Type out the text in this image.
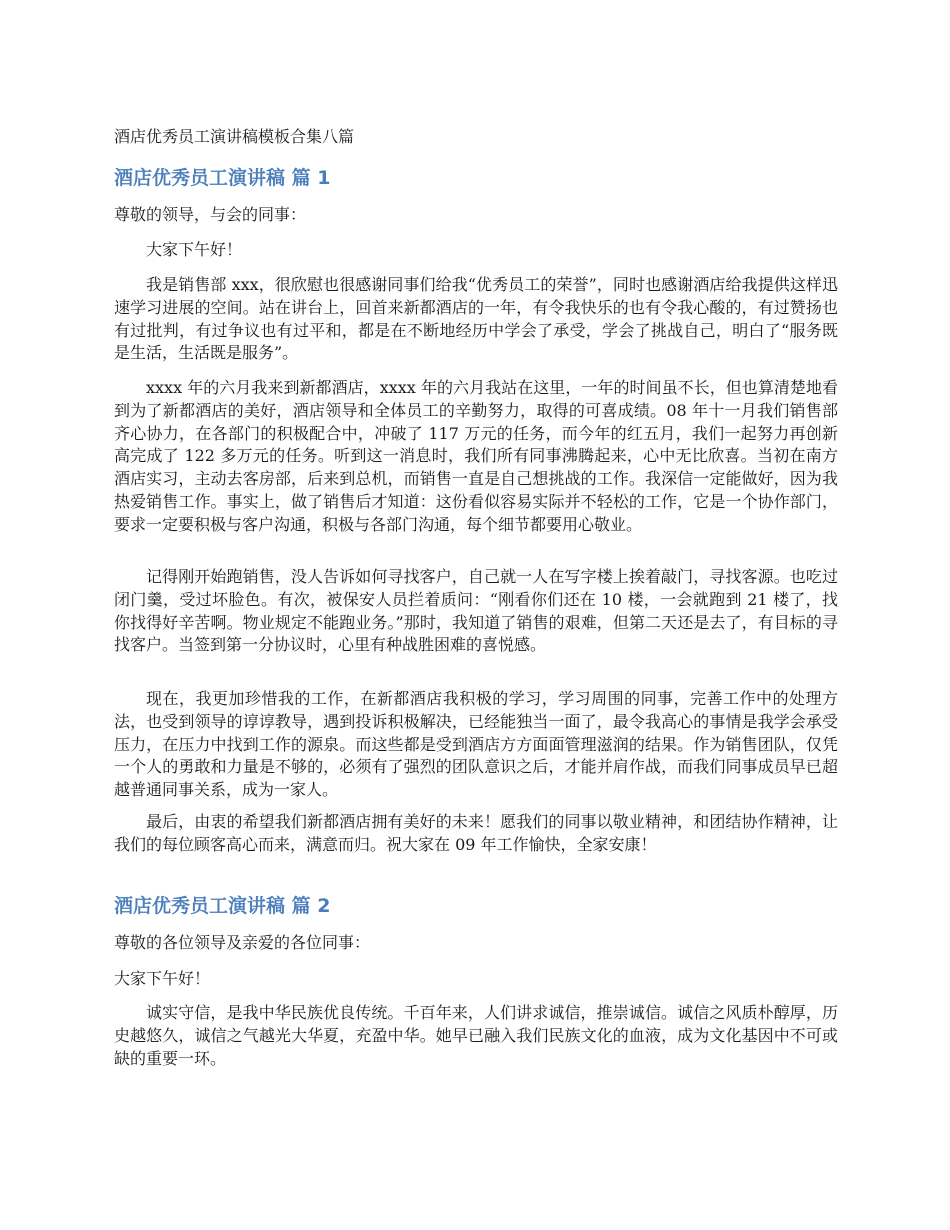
酒店优秀员工演讲稿模板合集八篇
酒店优秀员工演讲稿 篇 1

尊敬的领导，与会的同事：

大家下午好！

我是销售部 xxx，很欣慰也很感谢同事们给我“优秀员工的荣誉”，同时也感谢酒店给我提供这样迅速学习进展的空间。站在讲台上，回首来新都酒店的一年，有令我快乐的也有令我心酸的，有过赞扬也有过批判，有过争议也有过平和，都是在不断地经历中学会了承受，学会了挑战自己，明白了“服务既是生活，生活既是服务”。

xxxx 年的六月我来到新都酒店，xxxx 年的六月我站在这里，一年的时间虽不长，但也算清楚地看到为了新都酒店的美好，酒店领导和全体员工的辛勤努力，取得的可喜成绩。08 年十一月我们销售部齐心协力，在各部门的积极配合中，冲破了 117 万元的任务，而今年的红五月，我们一起努力再创新高完成了 122 多万元的任务。听到这一消息时，我们所有同事沸腾起来，心中无比欣喜。当初在南方酒店实习，主动去客房部，后来到总机，而销售一直是自己想挑战的工作。我深信一定能做好，因为我热爱销售工作。事实上，做了销售后才知道：这份看似容易实际并不轻松的工作，它是一个协作部门，要求一定要积极与客户沟通，积极与各部门沟通，每个细节都要用心敬业。

记得刚开始跑销售，没人告诉如何寻找客户，自己就一人在写字楼上挨着敲门，寻找客源。也吃过闭门羹，受过坏脸色。有次，被保安人员拦着质问：“刚看你们还在 10 楼，一会就跑到 21 楼了，找你找得好辛苦啊。物业规定不能跑业务。”那时，我知道了销售的艰难，但第二天还是去了，有目标的寻找客户。当签到第一分协议时，心里有种战胜困难的喜悦感。

现在，我更加珍惜我的工作，在新都酒店我积极的学习，学习周围的同事，完善工作中的处理方法，也受到领导的谆谆教导，遇到投诉积极解决，已经能独当一面了，最令我高心的事情是我学会承受压力，在压力中找到工作的源泉。而这些都是受到酒店方方面面管理滋润的结果。作为销售团队，仅凭一个人的勇敢和力量是不够的，必须有了强烈的团队意识之后，才能并肩作战，而我们同事成员早已超越普通同事关系，成为一家人。

最后，由衷的希望我们新都酒店拥有美好的未来！愿我们的同事以敬业精神，和团结协作精神，让我们的每位顾客高心而来，满意而归。祝大家在 09 年工作愉快，全家安康！

酒店优秀员工演讲稿 篇 2

尊敬的各位领导及亲爱的各位同事：

大家下午好！

诚实守信，是我中华民族优良传统。千百年来，人们讲求诚信，推崇诚信。诚信之风质朴醇厚，历史越悠久，诚信之气越光大华夏，充盈中华。她早已融入我们民族文化的血液，成为文化基因中不可或缺的重要一环。
